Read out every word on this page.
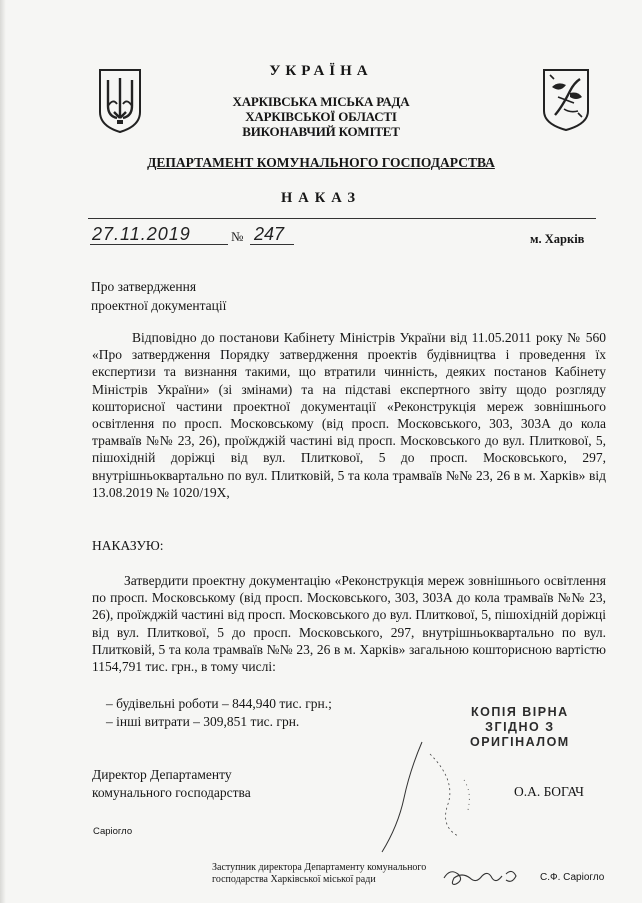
УКРАЇНА
ХАРКІВСЬКА МІСЬКА РАДА
ХАРКІВСЬКОЇ ОБЛАСТІ
ВИКОНАВЧИЙ КОМІТЕТ
ДЕПАРТАМЕНТ КОМУНАЛЬНОГО ГОСПОДАРСТВА
НАКАЗ
27.11.2019	№ 247	м. Харків
Про затвердження
проектної документації
Відповідно до постанови Кабінету Міністрів України від 11.05.2011 року № 560 «Про затвердження Порядку затвердження проектів будівництва і проведення їх експертизи та визнання такими, що втратили чинність, деяких постанов Кабінету Міністрів України» (зі змінами) та на підставі експертного звіту щодо розгляду кошторисної частини проектної документації «Реконструкція мереж зовнішнього освітлення по просп. Московському (від просп. Московського, 303, 303А до кола трамваїв №№ 23, 26), проїжджій частині від просп. Московського до вул. Плиткової, 5, пішохідній доріжці від вул. Плиткової, 5 до просп. Московського, 297, внутрішньоквартально по вул. Плитковій, 5 та кола трамваїв №№ 23, 26 в м. Харків» від 13.08.2019 № 1020/19Х,
НАКАЗУЮ:
Затвердити проектну документацію «Реконструкція мереж зовнішнього освітлення по просп. Московському (від просп. Московського, 303, 303А до кола трамваїв №№ 23, 26), проїжджій частині від просп. Московського до вул. Плиткової, 5, пішохідній доріжці від вул. Плиткової, 5 до просп. Московського, 297, внутрішньоквартально по вул. Плитковій, 5 та кола трамваїв №№ 23, 26 в м. Харків» загальною кошторисною вартістю 1154,791 тис. грн., в тому числі:
– будівельні роботи – 844,940 тис. грн.;
– інші витрати – 309,851 тис. грн.
КОПІЯ ВІРНА
ЗГІДНО З
ОРИГІНАЛОМ
Директор Департаменту
комунального господарства	О.А. БОГАЧ
Саріогло
Заступник директора Департаменту комунального
господарства Харківської міської ради	С.Ф. Саріогло
